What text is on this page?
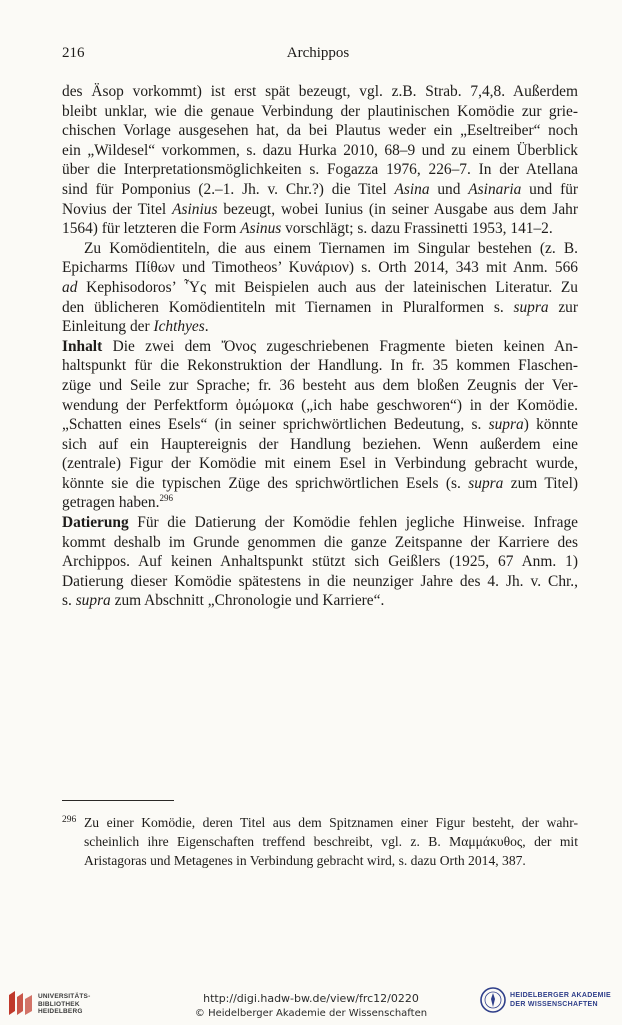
216	Archippos
des Äsop vorkommt) ist erst spät bezeugt, vgl. z.B. Strab. 7,4,8. Außerdem
bleibt unklar, wie die genaue Verbindung der plautinischen Komödie zur grie-
chischen Vorlage ausgesehen hat, da bei Plautus weder ein „Eseltreiber“ noch
ein „Wildesel“ vorkommen, s. dazu Hurka 2010, 68–9 und zu einem Überblick
über die Interpretationsmöglichkeiten s. Fogazza 1976, 226–7. In der Atellana
sind für Pomponius (2.–1. Jh. v. Chr.?) die Titel Asina und Asinaria und für
Novius der Titel Asinius bezeugt, wobei Iunius (in seiner Ausgabe aus dem Jahr
1564) für letzteren die Form Asinus vorschlägt; s. dazu Frassinetti 1953, 141–2.
Zu Komödientiteln, die aus einem Tiernamen im Singular bestehen (z. B.
Epicharms Πίθων und Timotheos’ Κυνάριον) s. Orth 2014, 343 mit Anm. 566
ad Kephisodoros’ Ὗς mit Beispielen auch aus der lateinischen Literatur. Zu
den üblicheren Komödientiteln mit Tiernamen in Pluralformen s. supra zur
Einleitung der Ichthyes.
Inhalt Die zwei dem Ὄνος zugeschriebenen Fragmente bieten keinen An-
haltspunkt für die Rekonstruktion der Handlung. In fr. 35 kommen Flaschen-
züge und Seile zur Sprache; fr. 36 besteht aus dem bloßen Zeugnis der Ver-
wendung der Perfektform ὀμώμοκα („ich habe geschworen“) in der Komödie.
„Schatten eines Esels“ (in seiner sprichwörtlichen Bedeutung, s. supra) könnte
sich auf ein Hauptereignis der Handlung beziehen. Wenn außerdem eine
(zentrale) Figur der Komödie mit einem Esel in Verbindung gebracht wurde,
könnte sie die typischen Züge des sprichwörtlichen Esels (s. supra zum Titel)
getragen haben.$^{296}$
Datierung Für die Datierung der Komödie fehlen jegliche Hinweise. Infrage
kommt deshalb im Grunde genommen die ganze Zeitspanne der Karriere des
Archippos. Auf keinen Anhaltspunkt stützt sich Geißlers (1925, 67 Anm. 1)
Datierung dieser Komödie spätestens in die neunziger Jahre des 4. Jh. v. Chr.,
s. supra zum Abschnitt „Chronologie und Karriere“.
296 Zu einer Komödie, deren Titel aus dem Spitznamen einer Figur besteht, der wahr-
scheinlich ihre Eigenschaften treffend beschreibt, vgl. z. B. Μαμμάκυθος, der mit
Aristagoras und Metagenes in Verbindung gebracht wird, s. dazu Orth 2014, 387.
UNIVERSITÄTS-
BIBLIOTHEK
HEIDELBERG
http://digi.hadw-bw.de/view/frc12/0220
© Heidelberger Akademie der Wissenschaften
HEIDELBERGER AKADEMIE
DER WISSENSCHAFTEN
